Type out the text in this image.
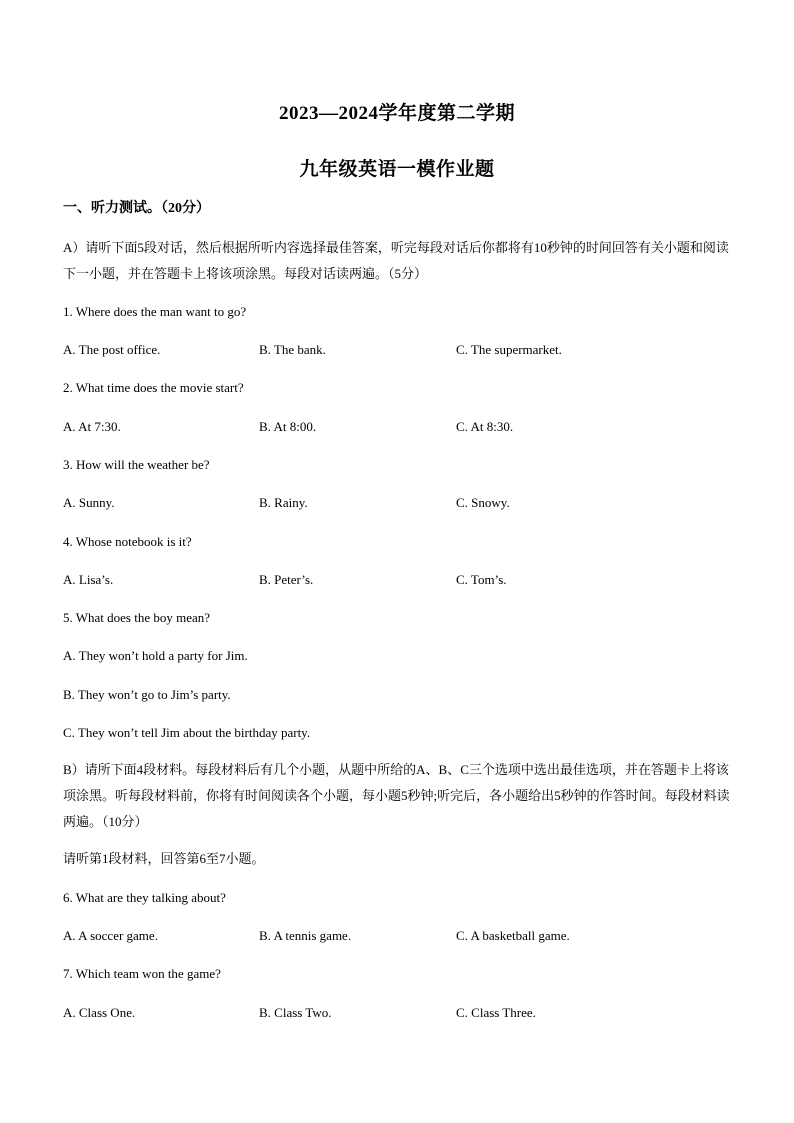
2023—2024学年度第二学期
九年级英语一模作业题
一、听力测试。（20分）
A）请听下面5段对话，然后根据所听内容选择最佳答案，听完每段对话后你都将有10秒钟的时间回答有关小题和阅读下一小题，并在答题卡上将该项涂黑。每段对话读两遍。（5分）
1. Where does the man want to go?
A. The post office.	B. The bank.	C. The supermarket.
2. What time does the movie start?
A. At 7:30.	B. At 8:00.	C. At 8:30.
3. How will the weather be?
A. Sunny.	B. Rainy.	C. Snowy.
4. Whose notebook is it?
A. Lisa’s.	B. Peter’s.	C. Tom’s.
5. What does the boy mean?
A. They won’t hold a party for Jim.
B. They won’t go to Jim’s party.
C. They won’t tell Jim about the birthday party.
B）请所下面4段材料。每段材料后有几个小题，从题中所给的A、B、C三个选项中选出最佳选项，并在答题卡上将该项涂黑。听每段材料前，你将有时间阅读各个小题，每小题5秒钟;听完后，各小题给出5秒钟的作答时间。每段材料读两遍。（10分）
请听第1段材料，回答第6至7小题。
6. What are they talking about?
A. A soccer game.	B. A tennis game.	C. A basketball game.
7. Which team won the game?
A. Class One.	B. Class Two.	C. Class Three.
